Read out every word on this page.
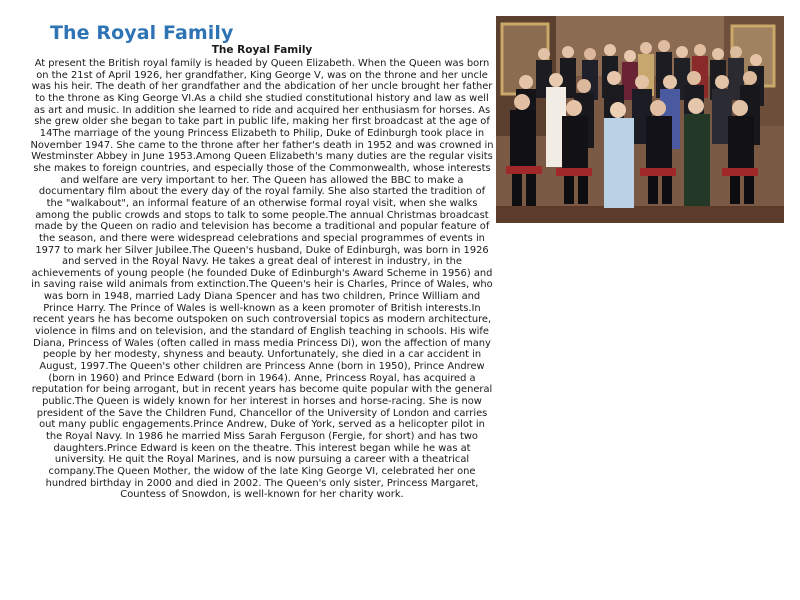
The Royal Family
The Royal Family

At present the British royal family is headed by Queen Elizabeth. When the Queen was born on the 21st of April 1926, her grandfather, King George V, was on the throne and her uncle was his heir. The death of her grandfather and the abdication of her uncle brought her father to the throne as King George VI.As a child she studied constitutional history and law as well as art and music. In addition she learned to ride and acquired her enthusiasm for horses. As she grew older she began to take part in public life, making her first broadcast at the age of 14The marriage of the young Princess Elizabeth to Philip, Duke of Edinburgh took place in November 1947. She came to the throne after her father's death in 1952 and was crowned in Westminster Abbey in June 1953.Among Queen Elizabeth's many duties are the regular visits she makes to foreign countries, and especially those of the Commonwealth, whose interests and welfare are very important to her. The Queen has allowed the BBC to make a documentary film about the every day of the royal family. She also started the tradition of the "walkabout", an informal feature of an otherwise formal royal visit, when she walks among the public crowds and stops to talk to some people.The annual Christmas broadcast made by the Queen on radio and television has become a traditional and popular feature of the season, and there were widespread celebrations and special programmes of events in 1977 to mark her Silver Jubilee.The Queen's husband, Duke of Edinburgh, was born in 1926 and served in the Royal Navy. He takes a great deal of interest in industry, in the achievements of young people (he founded Duke of Edinburgh's Award Scheme in 1956) and in saving raise wild animals from extinction.The Queen's heir is Charles, Prince of Wales, who was born in 1948, married Lady Diana Spencer and has two children, Prince William and Prince Harry. The Prince of Wales is well-known as a keen promoter of British interests.In recent years he has become outspoken on such controversial topics as modern architecture, violence in films and on television, and the standard of English teaching in schools. His wife Diana, Princess of Wales (often called in mass media Princess Di), won the affection of many people by her modesty, shyness and beauty. Unfortunately, she died in a car accident in August, 1997.The Queen's other children are Princess Anne (born in 1950), Prince Andrew (born in 1960) and Prince Edward (born in 1964). Anne, Princess Royal, has acquired a reputation for being arrogant, but in recent years has become quite popular with the general public.The Queen is widely known for her interest in horses and horse-racing. She is now president of the Save the Children Fund, Chancellor of the University of London and carries out many public engagements.Prince Andrew, Duke of York, served as a helicopter pilot in the Royal Navy. In 1986 he married Miss Sarah Ferguson (Fergie, for short) and has two daughters.Prince Edward is keen on the theatre. This interest began while he was at university. He quit the Royal Marines, and is now pursuing a career with a theatrical company.The Queen Mother, the widow of the late King George VI, celebrated her one hundred birthday in 2000 and died in 2002. The Queen's only sister, Princess Margaret, Countess of Snowdon, is well-known for her charity work.
